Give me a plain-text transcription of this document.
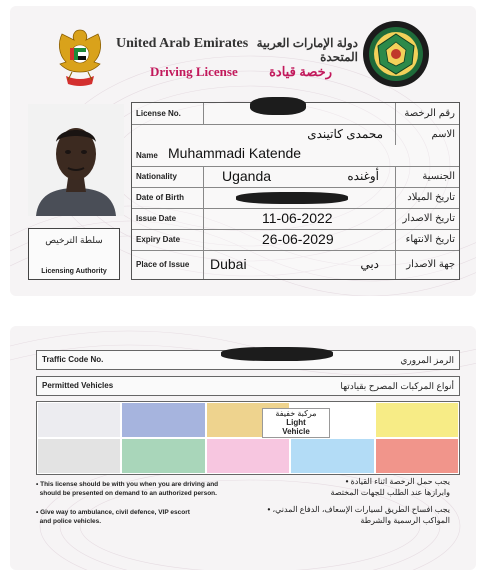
United Arab Emirates دولة الإمارات العربية المتحدة
Driving License	رخصة قيادة
سلطة الترخيص
Licensing Authority
License No.	رقم الرخصة
محمدى كاتيندى	الاسم
Name Muhammadi Katende
Nationality	Uganda	أوغنده	الجنسية
Date of Birth	تاريخ الميلاد
Issue Date	11-06-2022	تاريخ الاصدار
Expiry Date	26-06-2029	تاريخ الانتهاء
Place of Issue	Dubai	دبي	جهة الاصدار
Traffic Code No.	الرمز المروري
Permitted Vehicles	أنواع المركبات المصرح بقيادتها
مركبة خفيفة
Light
Vehicle
• This license should be with you when you are driving and
should be presented on demand to an authorized person.
• Give way to ambulance, civil defence, VIP escort
and police vehicles.
يجب حمل الرخصة اثناء القيادة •
وابرازها عند الطلب للجهات المختصة
يجب افساح الطريق لسيارات الإسعاف، الدفاع المدني، •
المواكب الرسمية والشرطة
